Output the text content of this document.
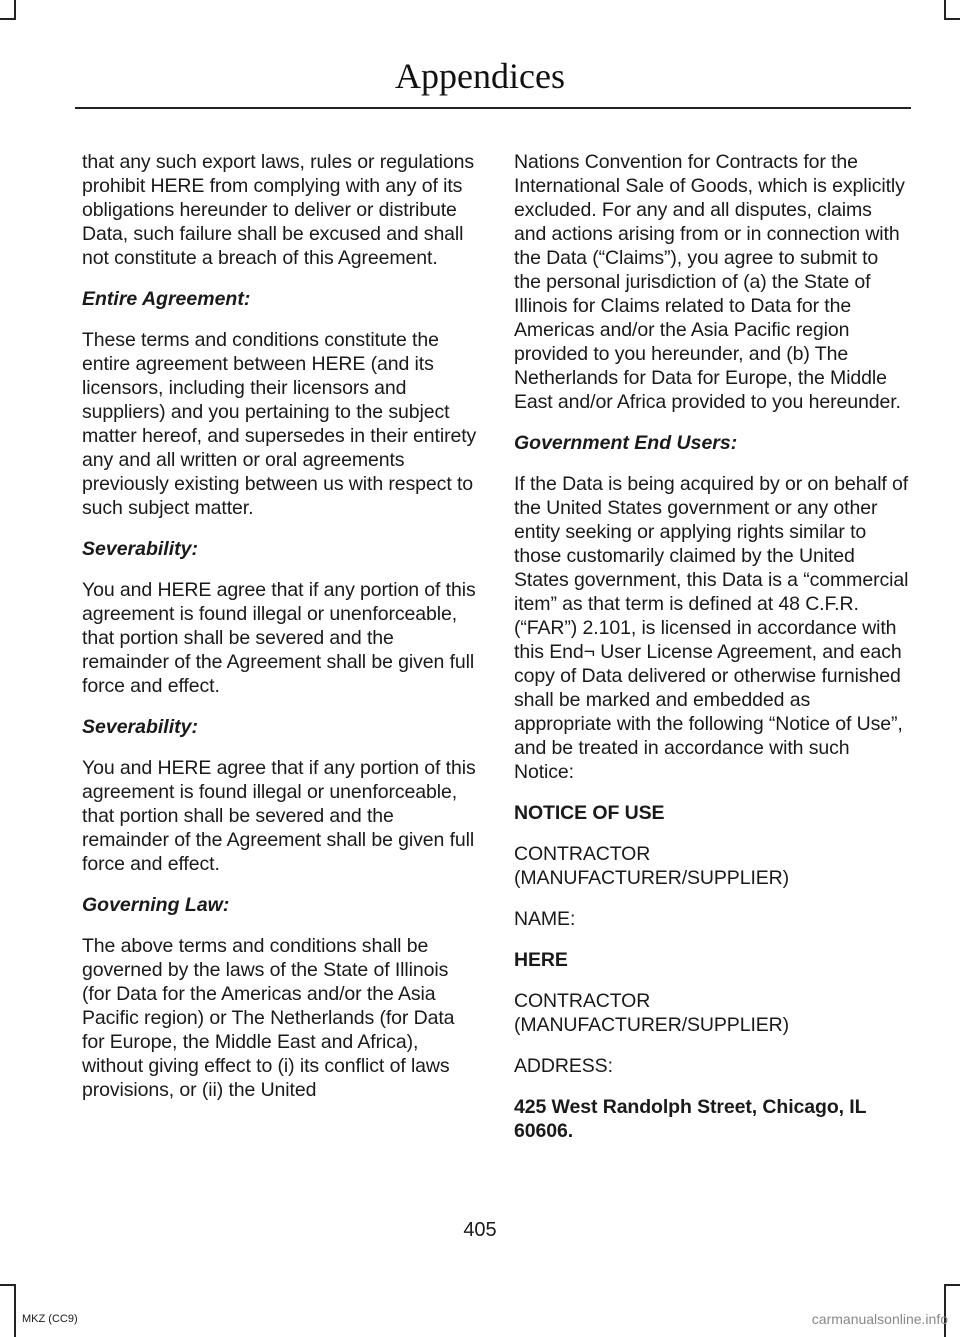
Appendices

that any such export laws, rules or regulations prohibit HERE from complying with any of its obligations hereunder to deliver or distribute Data, such failure shall be excused and shall not constitute a breach of this Agreement.

Entire Agreement:

These terms and conditions constitute the entire agreement between HERE (and its licensors, including their licensors and suppliers) and you pertaining to the subject matter hereof, and supersedes in their entirety any and all written or oral agreements previously existing between us with respect to such subject matter.

Severability:

You and HERE agree that if any portion of this agreement is found illegal or unenforceable, that portion shall be severed and the remainder of the Agreement shall be given full force and effect.

Severability:

You and HERE agree that if any portion of this agreement is found illegal or unenforceable, that portion shall be severed and the remainder of the Agreement shall be given full force and effect.

Governing Law:

The above terms and conditions shall be governed by the laws of the State of Illinois (for Data for the Americas and/or the Asia Pacific region) or The Netherlands (for Data for Europe, the Middle East and Africa), without giving effect to (i) its conflict of laws provisions, or (ii) the United

Nations Convention for Contracts for the International Sale of Goods, which is explicitly excluded. For any and all disputes, claims and actions arising from or in connection with the Data (“Claims”), you agree to submit to the personal jurisdiction of (a) the State of Illinois for Claims related to Data for the Americas and/or the Asia Pacific region provided to you hereunder, and (b) The Netherlands for Data for Europe, the Middle East and/or Africa provided to you hereunder.

Government End Users:

If the Data is being acquired by or on behalf of the United States government or any other entity seeking or applying rights similar to those customarily claimed by the United States government, this Data is a “commercial item” as that term is defined at 48 C.F.R. (“FAR”) 2.101, is licensed in accordance with this End¬ User License Agreement, and each copy of Data delivered or otherwise furnished shall be marked and embedded as appropriate with the following “Notice of Use”, and be treated in accordance with such Notice:

NOTICE OF USE

CONTRACTOR (MANUFACTURER/SUPPLIER)

NAME:

HERE

CONTRACTOR (MANUFACTURER/SUPPLIER)

ADDRESS:

425 West Randolph Street, Chicago, IL 60606.

405

MKZ (CC9)	carmanualsonline.info
